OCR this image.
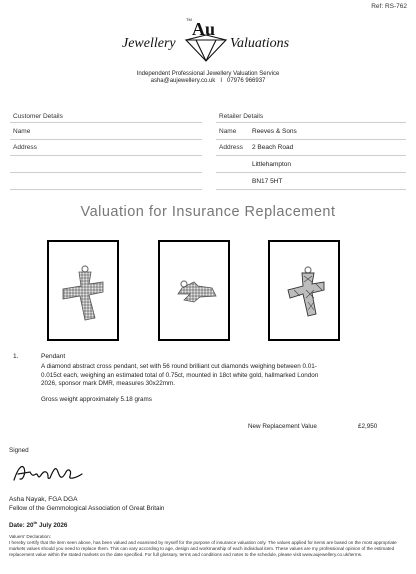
Ref: RS-762
Jewellery
Au
TM
Valuations
Independent Professional Jewellery Valuation Service
asha@aujewellery.co.uk I 07976 966937
Customer Details
Name
Address
Retailer Details
Name Reeves & Sons
Address 2 Beach Road
Littlehampton
BN17 5HT
Valuation for Insurance Replacement
1.	Pendant
A diamond abstract cross pendant, set with 56 round brilliant cut diamonds weighing between 0.01-0.015ct each, weighing an estimated total of 0.75ct, mounted in 18ct white gold, hallmarked London 2026, sponsor mark DMR, measures 30x22mm.
Gross weight approximately 5.18 grams
New Replacement Value	£2,950
Signed
Asha Nayak, FGA DGA
Fellow of the Gemmological Association of Great Britain
Date: 20th July 2026
Valuers' Declaration:
I hereby certify that the item seen above, has been valued and examined by myself for the purpose of insurance valuation only. The values applied for items are based on the most appropriate markets values should you need to replace them. This can vary according to age, design and workmanship of each individual item. These values are my professional opinion of the estimated replacement value within the stated markets on the date specified. For full glossary, terms and conditions and notes to the schedule, please visit www.aujewellery.co.uk/terms.
